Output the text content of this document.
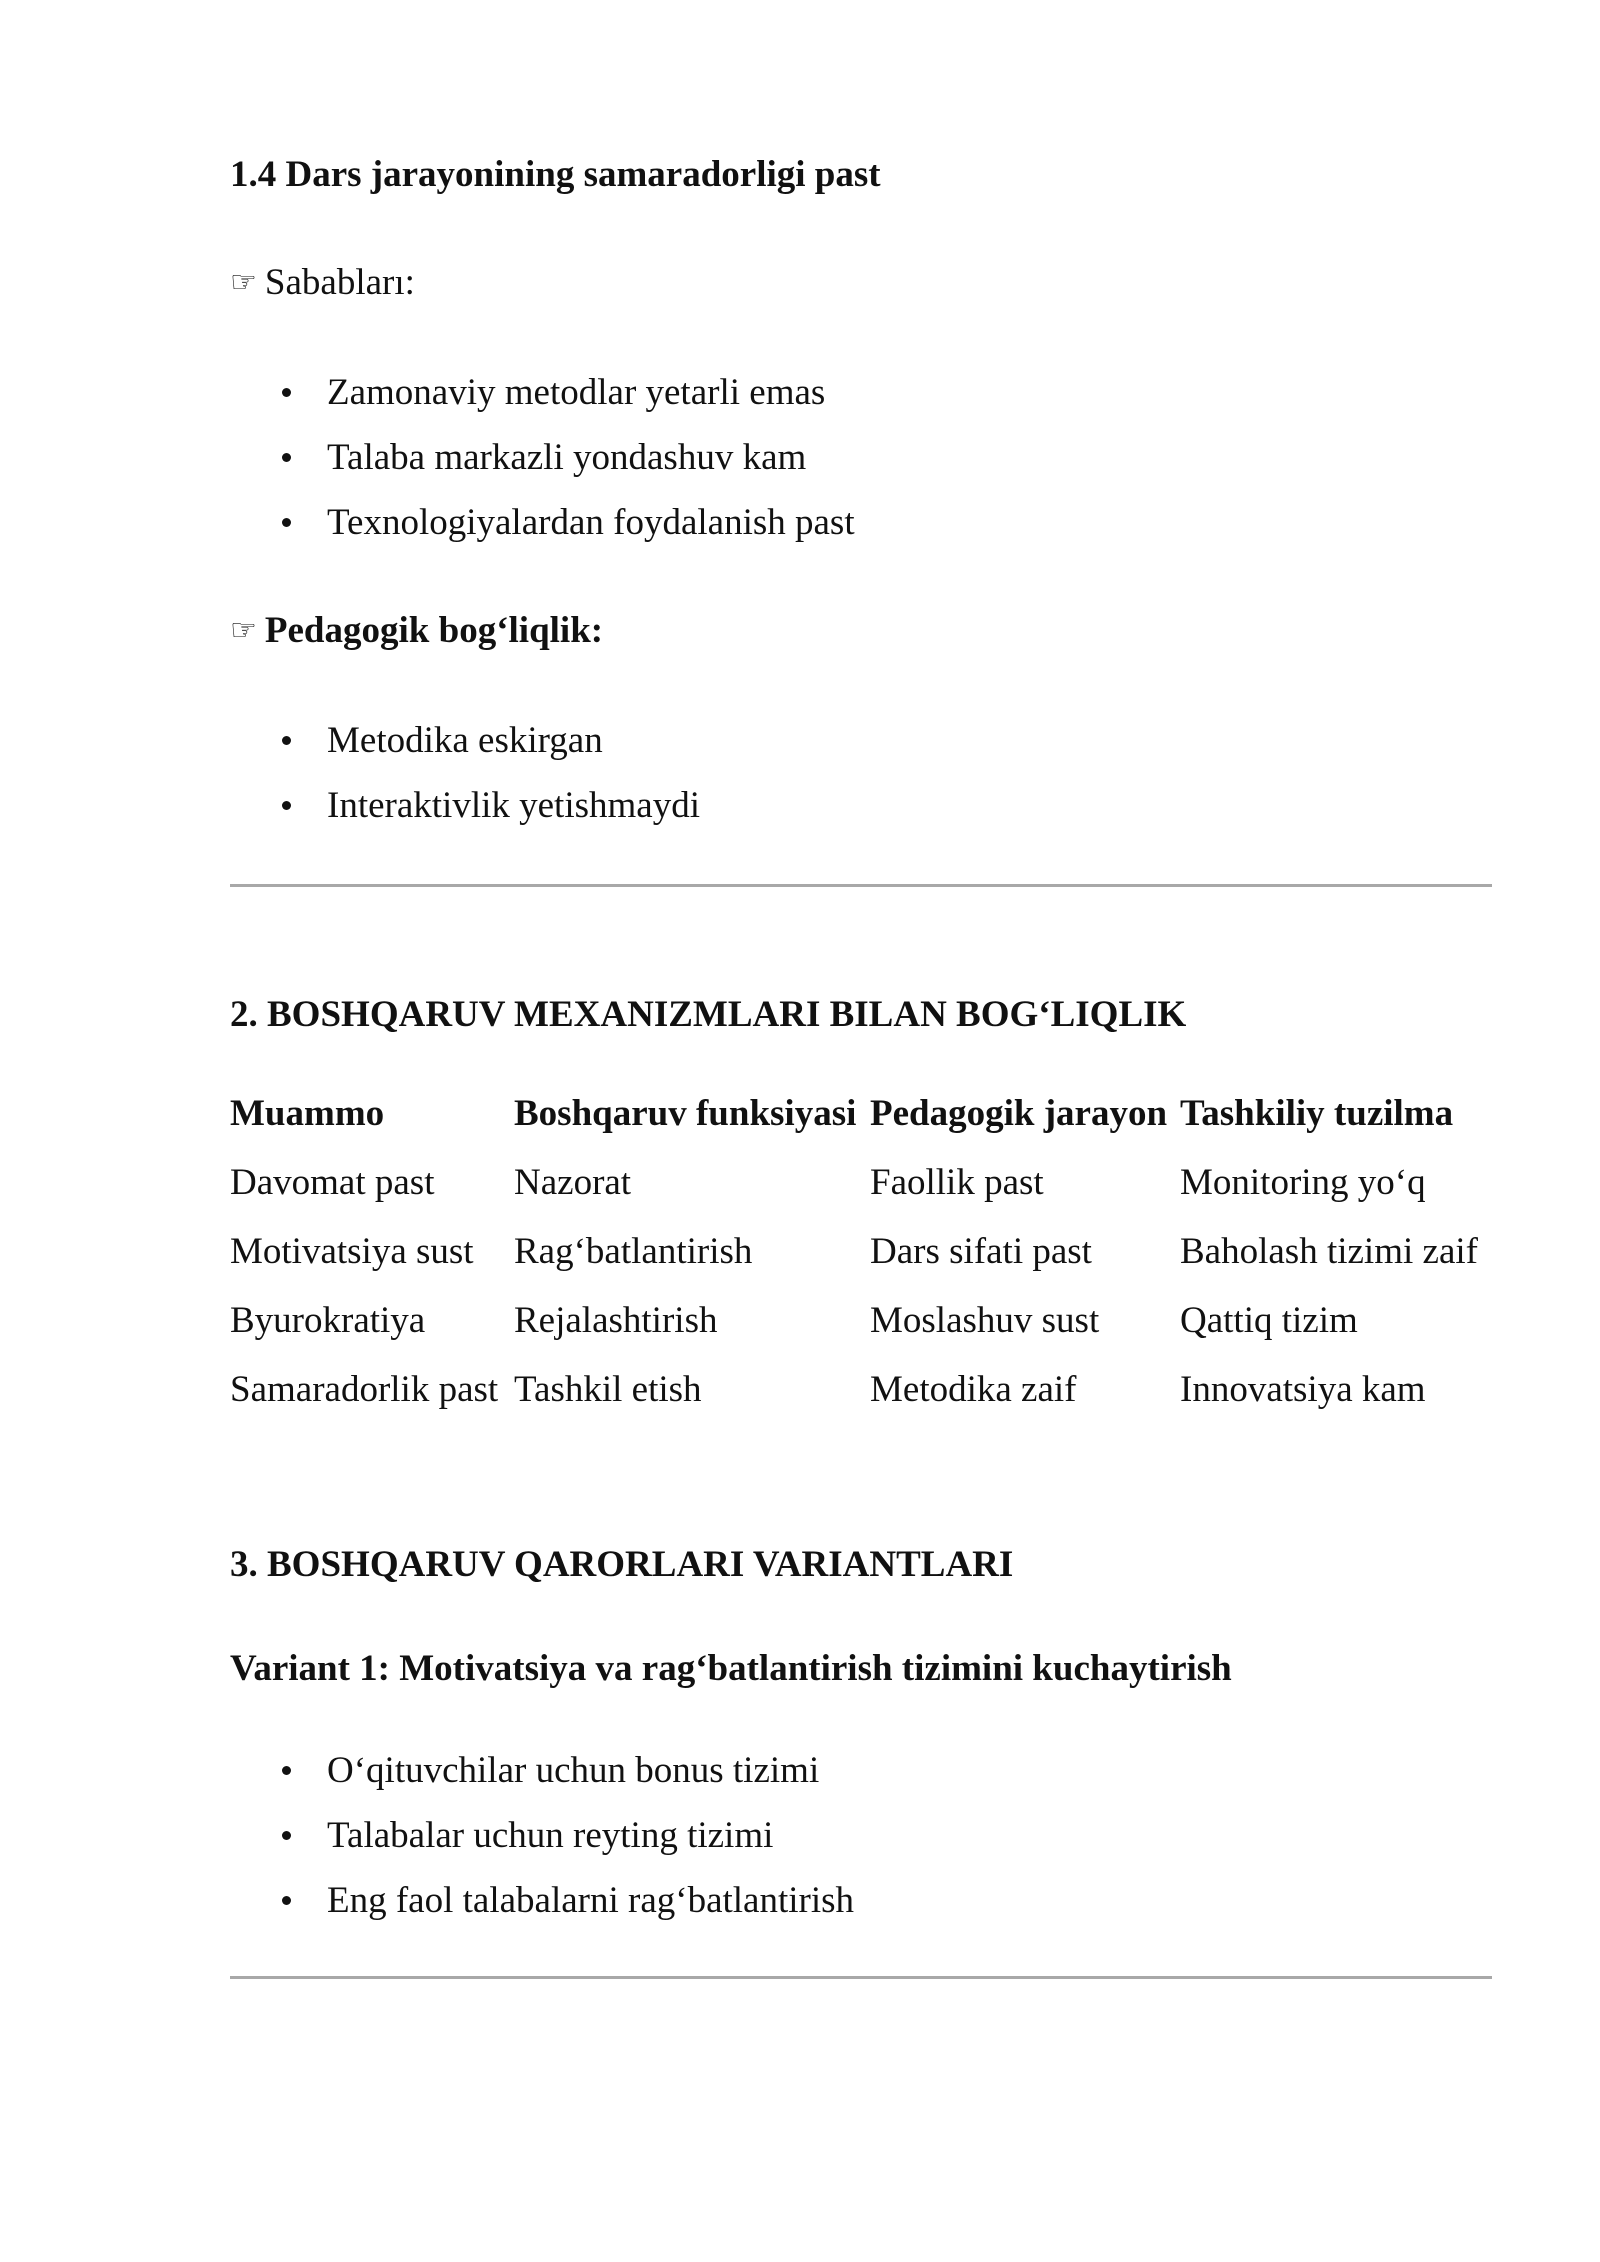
1.4 Dars jarayonining samaradorligi past
☞ Sababları:
Zamonaviy metodlar yetarli emas
Talaba markazli yondashuv kam
Texnologiyalardan foydalanish past
☞ Pedagogik bog‘liqlik:
Metodika eskirgan
Interaktivlik yetishmaydi
2. BOSHQARUV MEXANIZMLARI BILAN BOG‘LIQLIK
Muammo	Boshqaruv funksiyasi	Pedagogik jarayon	Tashkiliy tuzilma
Davomat past	Nazorat	Faollik past	Monitoring yo‘q
Motivatsiya sust	Rag‘batlantirish	Dars sifati past	Baholash tizimi zaif
Byurokratiya	Rejalashtirish	Moslashuv sust	Qattiq tizim
Samaradorlik past	Tashkil etish	Metodika zaif	Innovatsiya kam
3. BOSHQARUV QARORLARI VARIANTLARI
Variant 1: Motivatsiya va rag‘batlantirish tizimini kuchaytirish
O‘qituvchilar uchun bonus tizimi
Talabalar uchun reyting tizimi
Eng faol talabalarni rag‘batlantirish
